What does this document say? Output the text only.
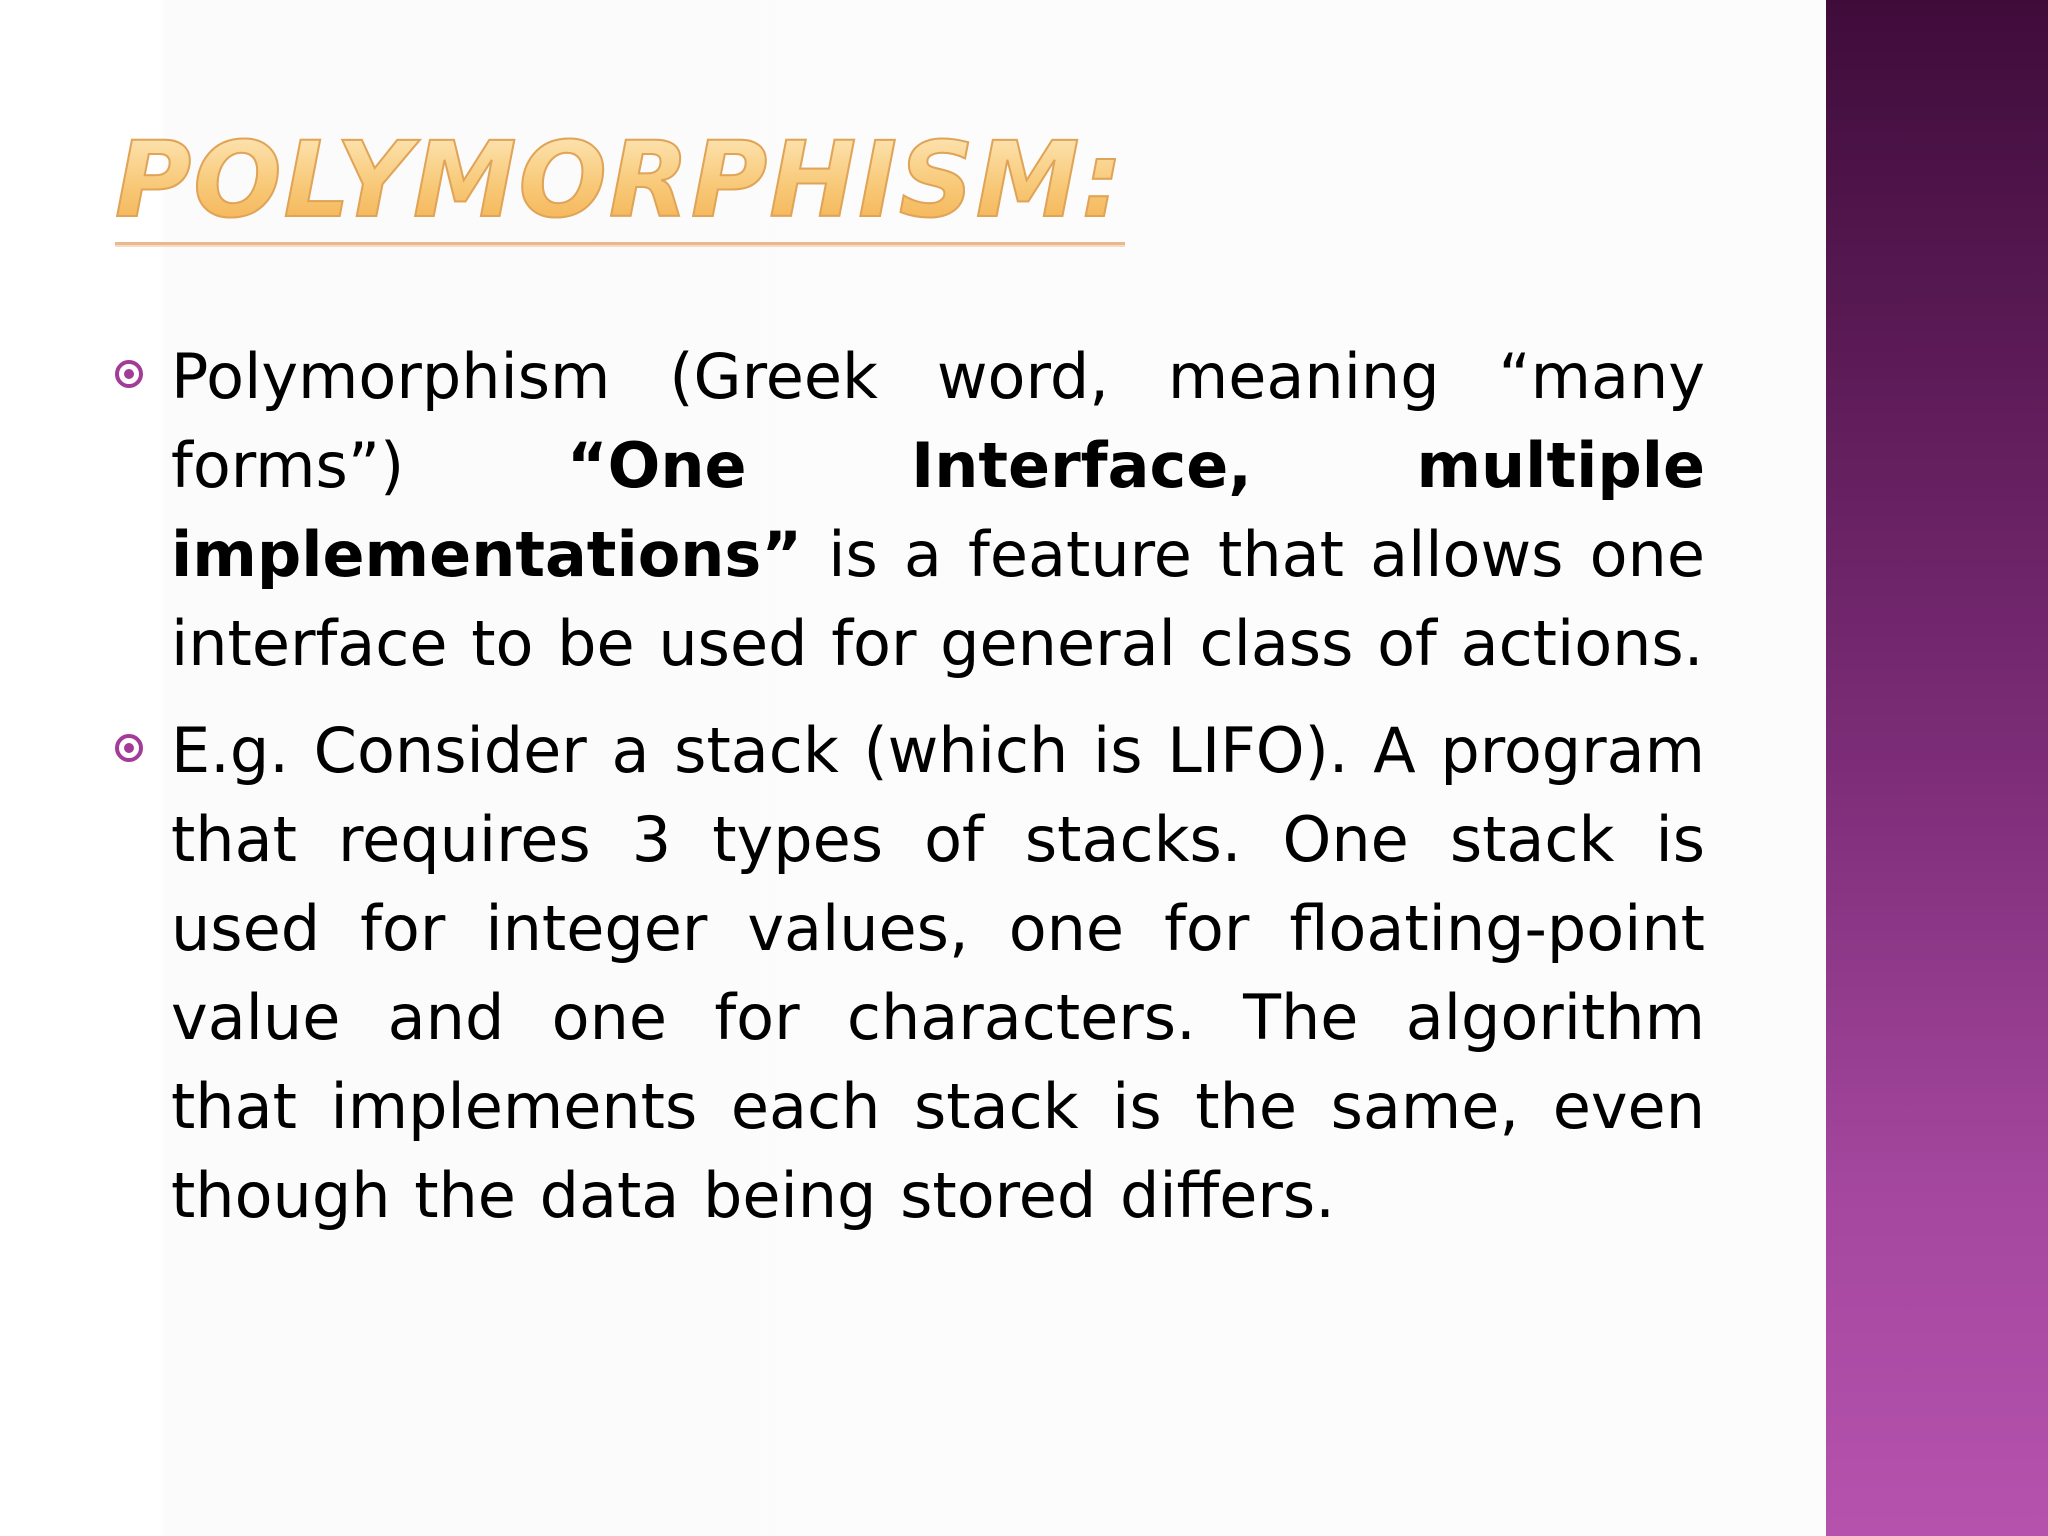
POLYMORPHISM:
Polymorphism (Greek word, meaning “many forms”) “One Interface, multiple implementations” is a feature that allows one interface to be used for general class of actions.
E.g. Consider a stack (which is LIFO). A program that requires 3 types of stacks. One stack is used for integer values, one for floating-point value and one for characters. The algorithm that implements each stack is the same, even though the data being stored differs.
